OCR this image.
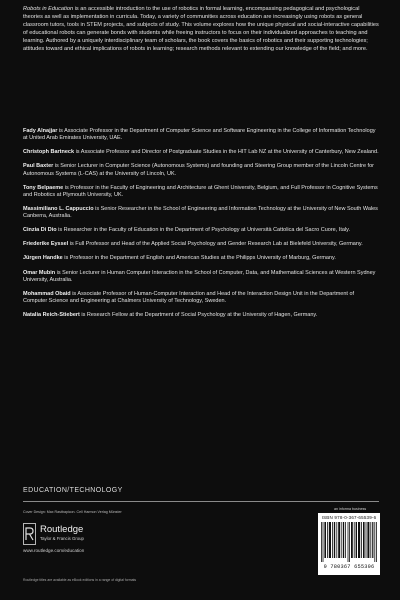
Robots in Education is an accessible introduction to the use of robotics in formal learning, encompassing pedagogical and psychological theories as well as implementation in curricula. Today, a variety of communities across education are increasingly using robots as general classroom tutors, tools in STEM projects, and subjects of study. This volume explores how the unique physical and social-interactive capabilities of educational robots can generate bonds with students while freeing instructors to focus on their individualized approaches to teaching and learning. Authored by a uniquely interdisciplinary team of scholars, the book covers the basics of robotics and their supporting technologies; attitudes toward and ethical implications of robots in learning; research methods relevant to extending our knowledge of the field; and more.

Fady Alnajjar is Associate Professor in the Department of Computer Science and Software Engineering in the College of Information Technology at United Arab Emirates University, UAE.

Christoph Bartneck is Associate Professor and Director of Postgraduate Studies in the HIT Lab NZ at the University of Canterbury, New Zealand.

Paul Baxter is Senior Lecturer in Computer Science (Autonomous Systems) and founding and Steering Group member of the Lincoln Centre for Autonomous Systems (L-CAS) at the University of Lincoln, UK.

Tony Belpaeme is Professor in the Faculty of Engineering and Architecture at Ghent University, Belgium, and Full Professor in Cognitive Systems and Robotics at Plymouth University, UK.

Massimiliano L. Cappuccio is Senior Researcher in the School of Engineering and Information Technology at the University of New South Wales Canberra, Australia.

Cinzia Di Dio is Researcher in the Faculty of Education in the Department of Psychology at Università Cattolica del Sacro Cuore, Italy.

Friederike Eyssel is Full Professor and Head of the Applied Social Psychology and Gender Research Lab at Bielefeld University, Germany.

Jürgen Handke is Professor in the Department of English and American Studies at the Philipps University of Marburg, Germany.

Omar Mubin is Senior Lecturer in Human Computer Interaction in the School of Computer, Data, and Mathematical Sciences at Western Sydney University, Australia.

Mohammad Obaid is Associate Professor of Human-Computer Interaction and Head of the Interaction Design Unit in the Department of Computer Science and Engineering at Chalmers University of Technology, Sweden.

Natalia Reich-Stiebert is Research Fellow at the Department of Social Psychology at the University of Hagen, Germany.

EDUCATION/TECHNOLOGY
Cover Design: Max Rastbapicon. Cell Harmon Verlag Münster
an informa business
Routledge
Taylor & Francis Group
www.routledge.com/education
Routledge titles are available as eBook editions in a range of digital formats
ISBN 978-0-367-65539-6
9 780367 655396
